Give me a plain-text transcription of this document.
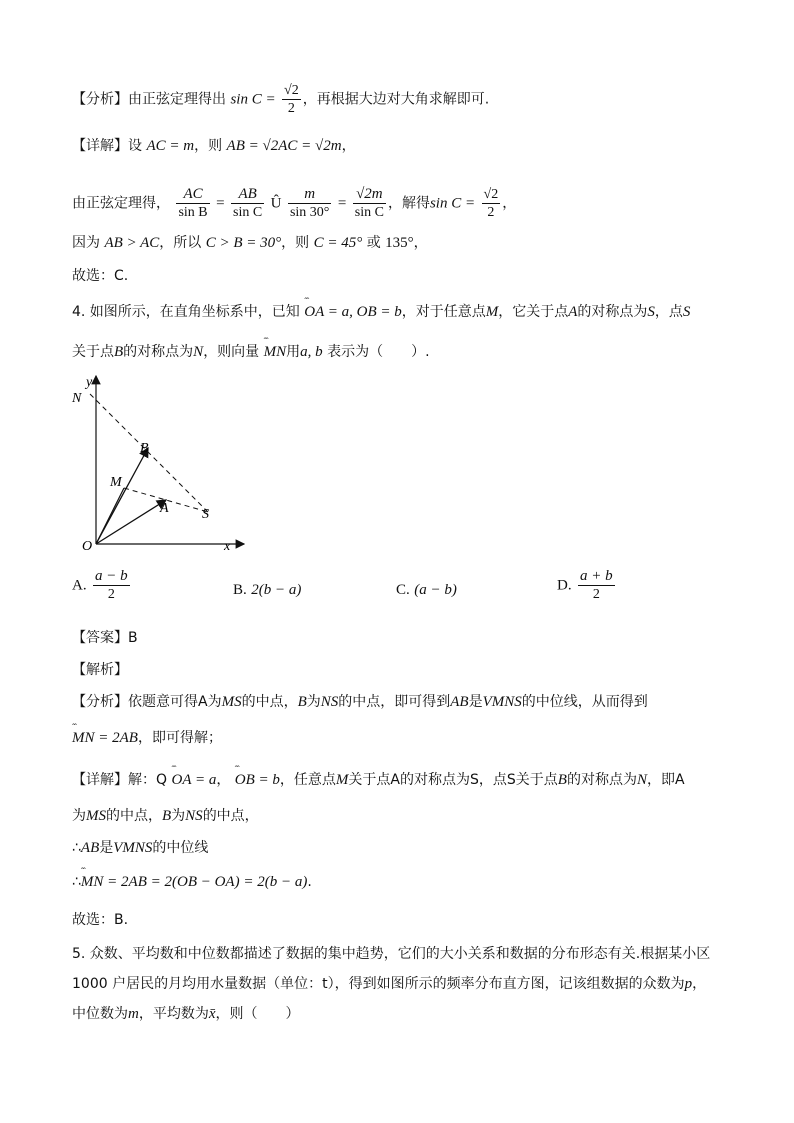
【分析】由正弦定理得出 $\sin C = \frac{√2}{2}$ ，再根据大边对大角求解即可.
【详解】设 AC = m，则 AB = √2AC = √2m，
由正弦定理得， $\frac{AC}{\text{sin B}} = \frac{AB}{\text{sin C}}$ Û $\frac{m}{\sin 30^\circ} = \frac{√2m}{\text{sin C}}$ ，解得$\sin C = \frac{√2}{2}$ ，
因为 AB > AC，所以 C > B = 30°，则 C = 45° 或 135°，
故选：C.
4. 如图所示，在直角坐标系中，已知 ˆˆ OA = a, OB = b，对于任意点M，它关于点A的对称点为S，点S
关于点B的对称点为N，则向量 ˆˆ MN用a, b 表示为（　　）.
y
N
B
M
A S
O	x
A. $\frac{a - b}{2}$	B. 2(b − a)	C. (a − b)	D. $\frac{a + b}{2}$
【答案】B
【解析】
【分析】依题意可得A为MS的中点，B为NS的中点，即可得到AB是VMNS的中位线，从而得到
ˆˆ MN = 2AB，即可得解；
【详解】解：Q ˆˆ OA = a， ˆˆ OB = b，任意点M关于点A的对称点为S，点S关于点B的对称点为N，即A
为MS的中点，B为NS的中点，
∴AB是VMNS的中位线
∴ˆˆ MN = 2AB = 2(OB − OA) = 2(b − a).
故选：B.
5. 众数、平均数和中位数都描述了数据的集中趋势，它们的大小关系和数据的分布形态有关.根据某小区
1000 户居民的月均用水量数据（单位：t），得到如图所示的频率分布直方图，记该组数据的众数为p，
中位数为m，平均数为x̄，则（　　）
